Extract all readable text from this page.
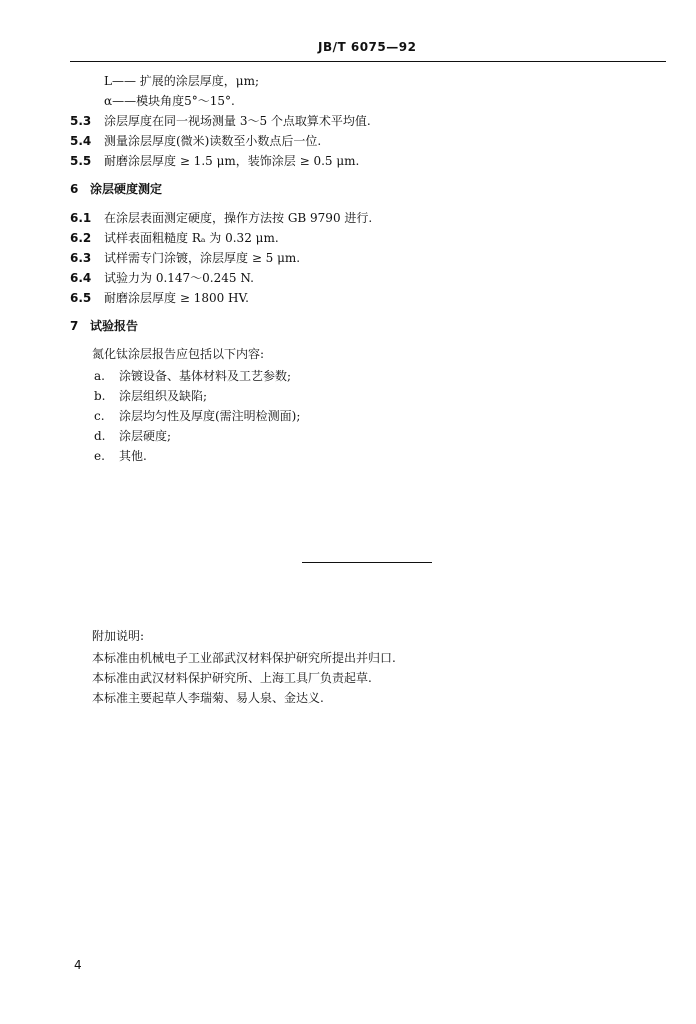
JB/T 6075—92
L—— 扩展的涂层厚度，μm;
α——模块角度5°～15°.
5.3 涂层厚度在同一视场测量 3～5 个点取算术平均值.
5.4 测量涂层厚度(微米)读数至小数点后一位.
5.5 耐磨涂层厚度 ≥ 1.5 μm，装饰涂层 ≥ 0.5 μm.
6 涂层硬度测定
6.1 在涂层表面测定硬度，操作方法按 GB 9790 进行.
6.2 试样表面粗糙度 Rₐ 为 0.32 μm.
6.3 试样需专门涂镀，涂层厚度 ≥ 5 μm.
6.4 试验力为 0.147～0.245 N.
6.5 耐磨涂层厚度 ≥ 1800 HV.
7 试验报告
氮化钛涂层报告应包括以下内容:
a. 涂镀设备、基体材料及工艺参数;
b. 涂层组织及缺陷;
c. 涂层均匀性及厚度(需注明检测面);
d. 涂层硬度;
e. 其他.
附加说明:
本标准由机械电子工业部武汉材料保护研究所提出并归口.
本标准由武汉材料保护研究所、上海工具厂负责起草.
本标准主要起草人李瑞菊、易人泉、金达义.
4
